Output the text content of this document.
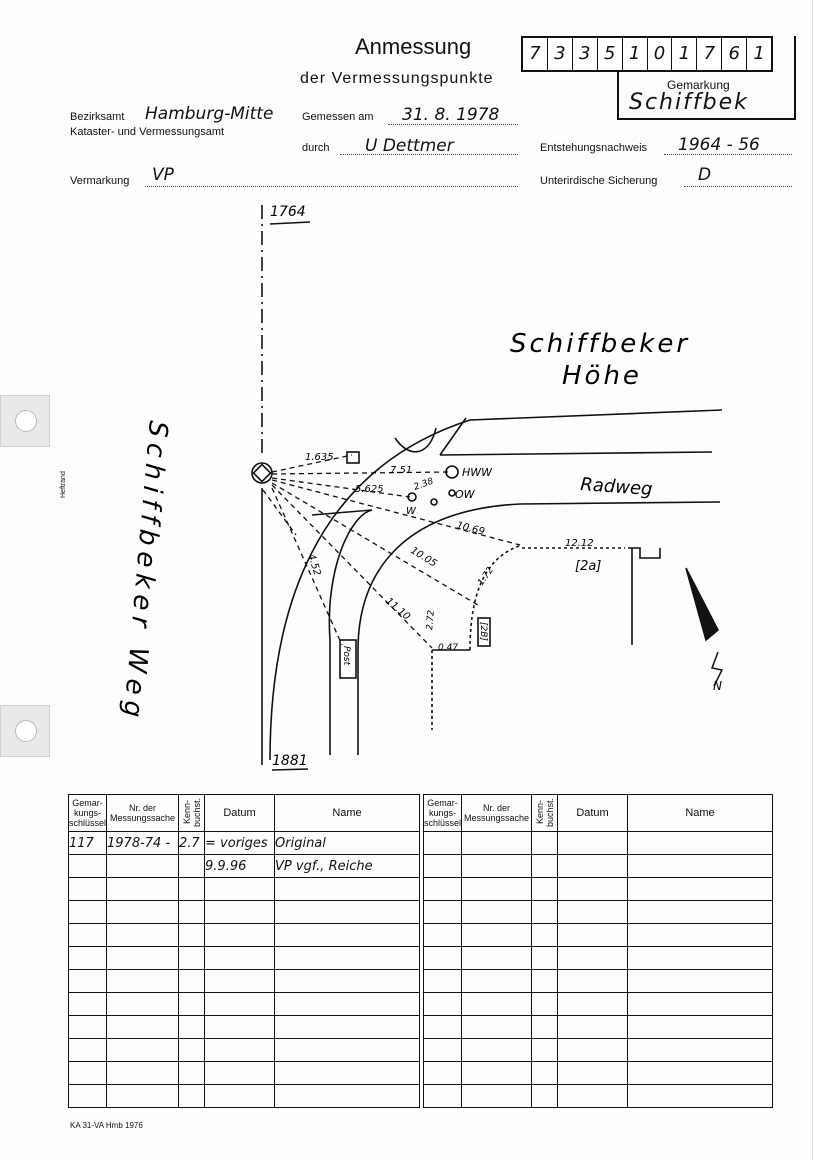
Anmessung
der Vermessungspunkte	Gemarkung
Schiffbek
7 3 3 5 1 0 1 7 6 1
Bezirksamt Hamburg-Mitte
Kataster- und Vermessungsamt
Gemessen am 31. 8. 1978
durch U Dettmer	Entstehungsnachweis 1964 - 56
Vermarkung VP	Unterirdische Sicherung D
Heftrand
1764
1881
Schiffbeker
Höhe
Schiffbeker Weg	Radweg
1.635
7.51
5.625	2.38
10.69
12.12
10.05
1.72
4.52
11.10 2.72
0.47
HWW
OW
W
[2a]
[2B]
Post
N
Gemar-kungs-schlüssel	Nr. der Messungssache	Kenn-buchst.	Datum	Name
117	1978-74 -	2.7	= voriges	Original
			9.9.96	VP vgf., Reiche

Gemar-kungs-schlüssel	Nr. der Messungssache	Kenn-buchst.	Datum	Name

KA 31-VA Hmb 1976
